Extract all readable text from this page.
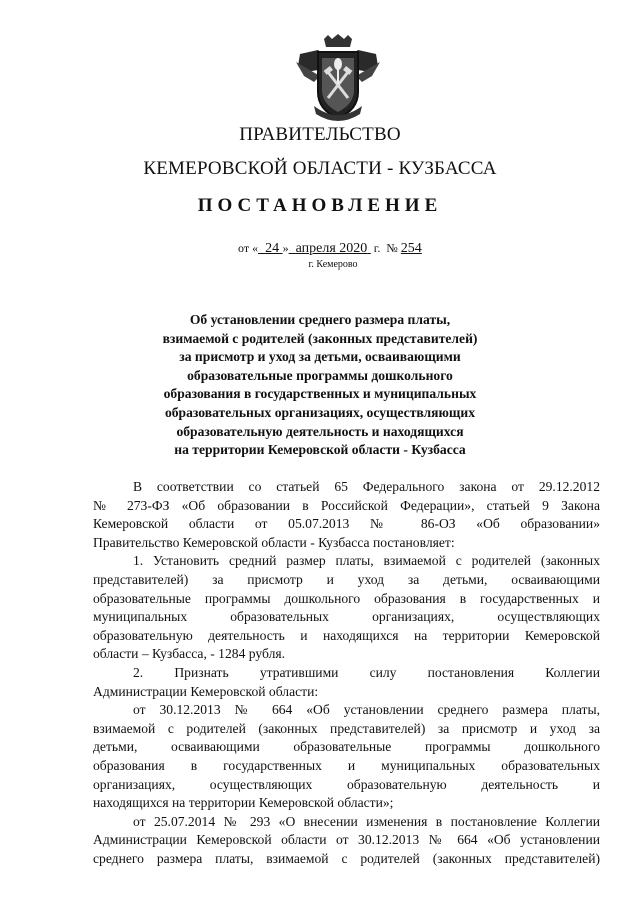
ПРАВИТЕЛЬСТВО
КЕМЕРОВСКОЙ ОБЛАСТИ - КУЗБАССА
ПОСТАНОВЛЕНИЕ
от « 24 » апреля 2020 г. № 254
г. Кемерово
Об установлении среднего размера платы,
взимаемой с родителей (законных представителей)
за присмотр и уход за детьми, осваивающими
образовательные программы дошкольного
образования в государственных и муниципальных
образовательных организациях, осуществляющих
образовательную деятельность и находящихся
на территории Кемеровской области - Кузбасса
В соответствии со статьей 65 Федерального закона от 29.12.2012
№ 273-ФЗ «Об образовании в Российской Федерации», статьей 9 Закона
Кемеровской области от 05.07.2013 № 86-ОЗ «Об образовании»
Правительство Кемеровской области - Кузбасса постановляет:
1. Установить средний размер платы, взимаемой с родителей (законных
представителей) за присмотр и уход за детьми, осваивающими
образовательные программы дошкольного образования в государственных и
муниципальных образовательных организациях, осуществляющих
образовательную деятельность и находящихся на территории Кемеровской
области – Кузбасса, - 1284 рубля.
2. Признать утратившими силу постановления Коллегии
Администрации Кемеровской области:
от 30.12.2013 № 664 «Об установлении среднего размера платы,
взимаемой с родителей (законных представителей) за присмотр и уход за
детьми, осваивающими образовательные программы дошкольного
образования в государственных и муниципальных образовательных
организациях, осуществляющих образовательную деятельность и
находящихся на территории Кемеровской области»;
от 25.07.2014 № 293 «О внесении изменения в постановление Коллегии
Администрации Кемеровской области от 30.12.2013 № 664 «Об установлении
среднего размера платы, взимаемой с родителей (законных представителей)
